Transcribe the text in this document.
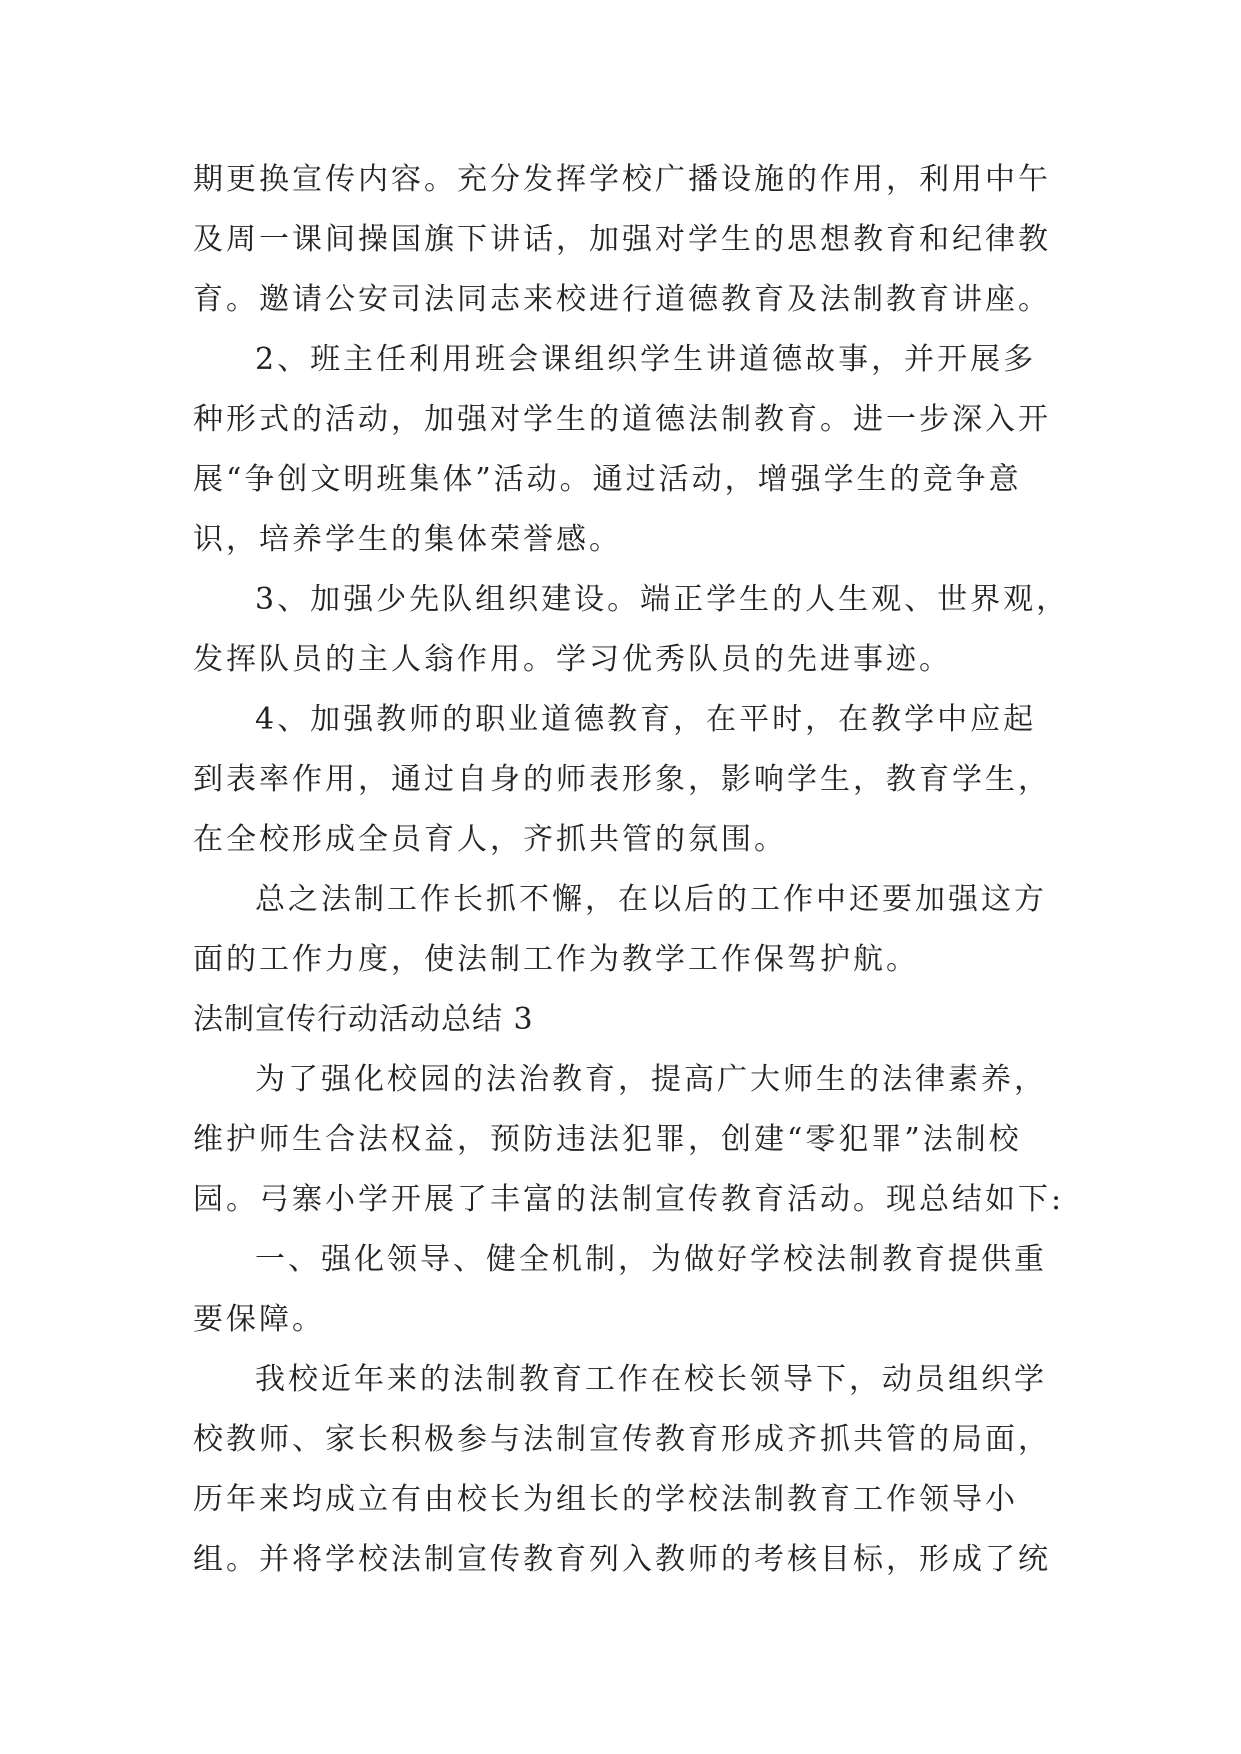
期更换宣传内容。充分发挥学校广播设施的作用，利用中午
及周一课间操国旗下讲话，加强对学生的思想教育和纪律教
育。邀请公安司法同志来校进行道德教育及法制教育讲座。
2、班主任利用班会课组织学生讲道德故事，并开展多
种形式的活动，加强对学生的道德法制教育。进一步深入开
展“争创文明班集体”活动。通过活动，增强学生的竞争意
识，培养学生的集体荣誉感。
3、加强少先队组织建设。端正学生的人生观、世界观，
发挥队员的主人翁作用。学习优秀队员的先进事迹。
4、加强教师的职业道德教育，在平时，在教学中应起
到表率作用，通过自身的师表形象，影响学生，教育学生，
在全校形成全员育人，齐抓共管的氛围。
总之法制工作长抓不懈，在以后的工作中还要加强这方
面的工作力度，使法制工作为教学工作保驾护航。
法制宣传行动活动总结 3
为了强化校园的法治教育，提高广大师生的法律素养，
维护师生合法权益，预防违法犯罪，创建“零犯罪”法制校
园。弓寨小学开展了丰富的法制宣传教育活动。现总结如下:
一、强化领导、健全机制，为做好学校法制教育提供重
要保障。
我校近年来的法制教育工作在校长领导下，动员组织学
校教师、家长积极参与法制宣传教育形成齐抓共管的局面，
历年来均成立有由校长为组长的学校法制教育工作领导小
组。并将学校法制宣传教育列入教师的考核目标，形成了统
